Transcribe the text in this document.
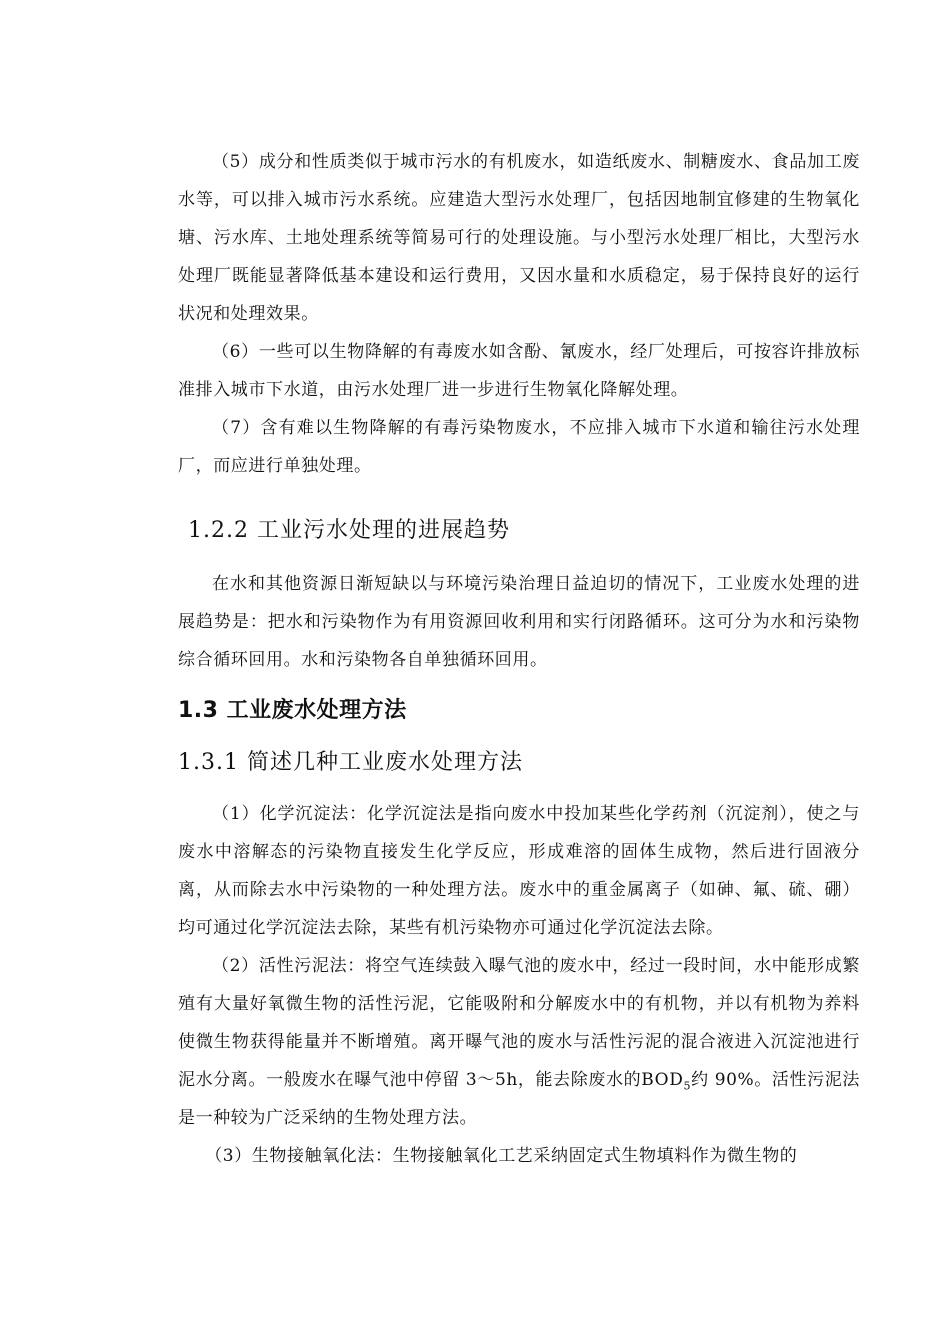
（5）成分和性质类似于城市污水的有机废水，如造纸废水、制糖废水、食品加工废水等，可以排入城市污水系统。应建造大型污水处理厂，包括因地制宜修建的生物氧化塘、污水库、土地处理系统等简易可行的处理设施。与小型污水处理厂相比，大型污水处理厂既能显著降低基本建设和运行费用，又因水量和水质稳定，易于保持良好的运行状况和处理效果。

（6）一些可以生物降解的有毒废水如含酚、氰废水，经厂处理后，可按容许排放标准排入城市下水道，由污水处理厂进一步进行生物氧化降解处理。

（7）含有难以生物降解的有毒污染物废水，不应排入城市下水道和输往污水处理厂，而应进行单独处理。

1.2.2 工业污水处理的进展趋势

在水和其他资源日渐短缺以与环境污染治理日益迫切的情况下，工业废水处理的进展趋势是：把水和污染物作为有用资源回收利用和实行闭路循环。这可分为水和污染物综合循环回用。水和污染物各自单独循环回用。

1.3 工业废水处理方法
1.3.1 简述几种工业废水处理方法

（1）化学沉淀法：化学沉淀法是指向废水中投加某些化学药剂（沉淀剂），使之与废水中溶解态的污染物直接发生化学反应，形成难溶的固体生成物，然后进行固液分离，从而除去水中污染物的一种处理方法。废水中的重金属离子（如砷、氟、硫、硼）均可通过化学沉淀法去除，某些有机污染物亦可通过化学沉淀法去除。

（2）活性污泥法：将空气连续鼓入曝气池的废水中，经过一段时间，水中能形成繁殖有大量好氧微生物的活性污泥，它能吸附和分解废水中的有机物，并以有机物为养料使微生物获得能量并不断增殖。离开曝气池的废水与活性污泥的混合液进入沉淀池进行泥水分离。一般废水在曝气池中停留 3～5h，能去除废水的$BOD_5$约 90%。活性污泥法是一种较为广泛采纳的生物处理方法。

（3）生物接触氧化法：生物接触氧化工艺采纳固定式生物填料作为微生物的
